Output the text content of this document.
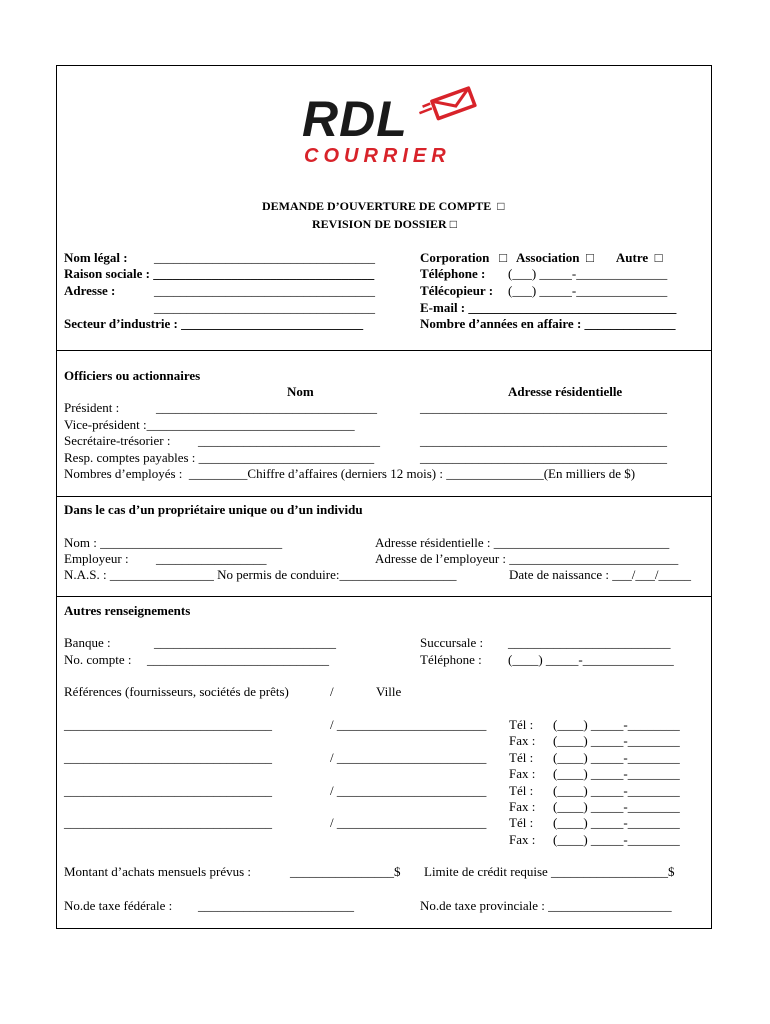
RDL
COURRIER
DEMANDE D’OUVERTURE DE COMPTE  □
REVISION DE DOSSIER □
Nom légal : __________________________________
Raison sociale : __________________________________
Adresse :	__________________________________
__________________________________
Secteur d’industrie : ____________________________
Corporation   □   Association  □       Autre  □
Téléphone : (___) _____-______________
Télécopieur : (___) _____-______________
E-mail : ________________________________
Nombre d’années en affaire : ______________
Officiers ou actionnaires
Nom	Adresse résidentielle
Président :	__________________________________	______________________________________
Vice-président :________________________________
Secrétaire-trésorier : ____________________________	______________________________________
Resp. comptes payables : ___________________________	______________________________________
Nombres d’employés :  _________Chiffre d’affaires (derniers 12 mois) : _______________(En milliers de $)
Dans le cas d’un propriétaire unique ou d’un individu
Nom : ____________________________
Employeur : _________________
N.A.S. : ________________ No permis de conduire:__________________	Date de naissance : ___/___/_____
Adresse résidentielle : ___________________________
Adresse de l’employeur : __________________________
Autres renseignements
Banque :	____________________________
No. compte : ____________________________
Succursale : _________________________
Téléphone : (____) _____-______________
Références (fournisseurs, sociétés de prêts)	/	Ville
________________________________	/ _______________________ Tél : (____) _____-________
Fax : (____) _____-________
________________________________	/ _______________________ Tél : (____) _____-________
Fax : (____) _____-________
________________________________	/ _______________________ Tél : (____) _____-________
Fax : (____) _____-________
________________________________	/ _______________________ Tél : (____) _____-________
Fax : (____) _____-________
Montant d’achats mensuels prévus :	________________$ Limite de crédit requise __________________$
No.de taxe fédérale : ________________________	No.de taxe provinciale : ___________________
